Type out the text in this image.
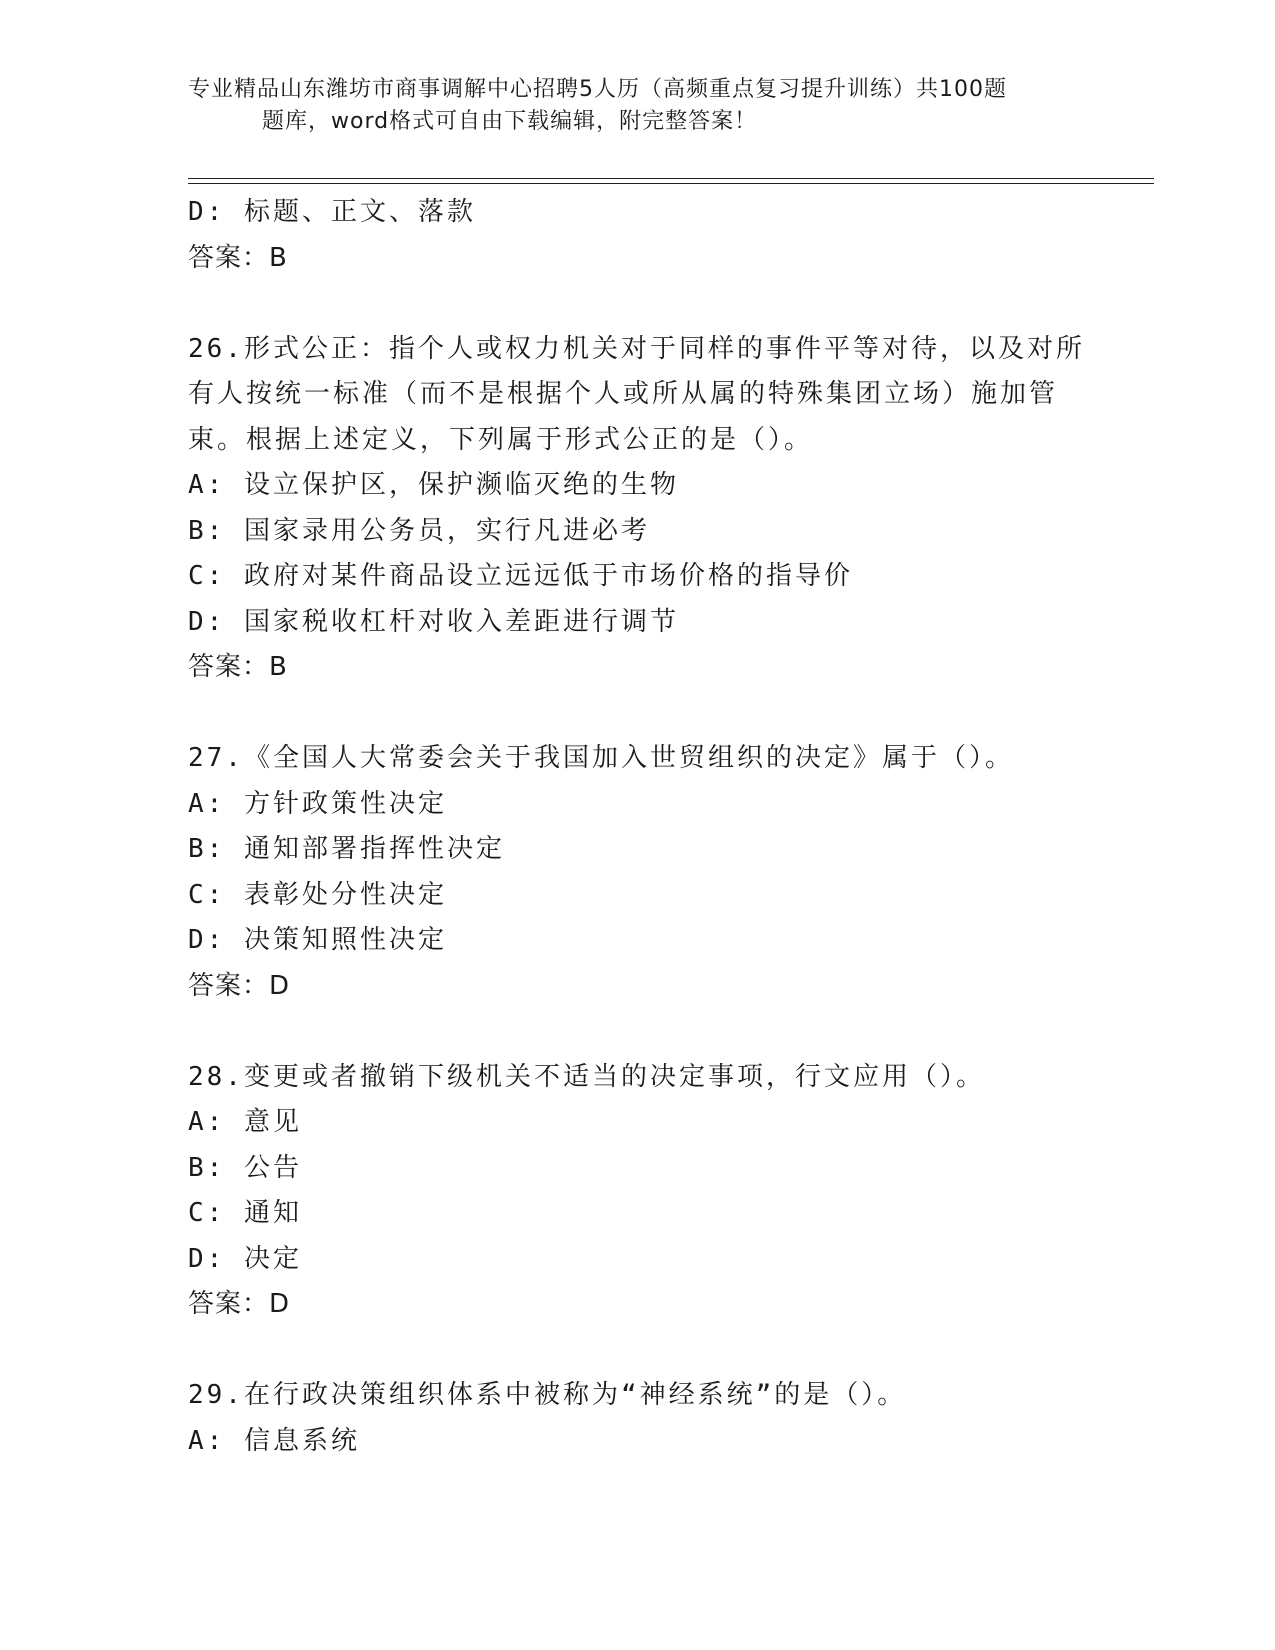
专业精品山东潍坊市商事调解中心招聘5人历（高频重点复习提升训练）共100题
题库，word格式可自由下载编辑，附完整答案！
D: 标题、正文、落款
答案：B
26.形式公正：指个人或权力机关对于同样的事件平等对待，以及对所
有人按统一标准（而不是根据个人或所从属的特殊集团立场）施加管
束。根据上述定义，下列属于形式公正的是（）。
A: 设立保护区，保护濒临灭绝的生物
B: 国家录用公务员，实行凡进必考
C: 政府对某件商品设立远远低于市场价格的指导价
D: 国家税收杠杆对收入差距进行调节
答案：B
27.《全国人大常委会关于我国加入世贸组织的决定》属于（）。
A: 方针政策性决定
B: 通知部署指挥性决定
C: 表彰处分性决定
D: 决策知照性决定
答案：D
28.变更或者撤销下级机关不适当的决定事项，行文应用（）。
A: 意见
B: 公告
C: 通知
D: 决定
答案：D
29.在行政决策组织体系中被称为“神经系统”的是（）。
A: 信息系统
